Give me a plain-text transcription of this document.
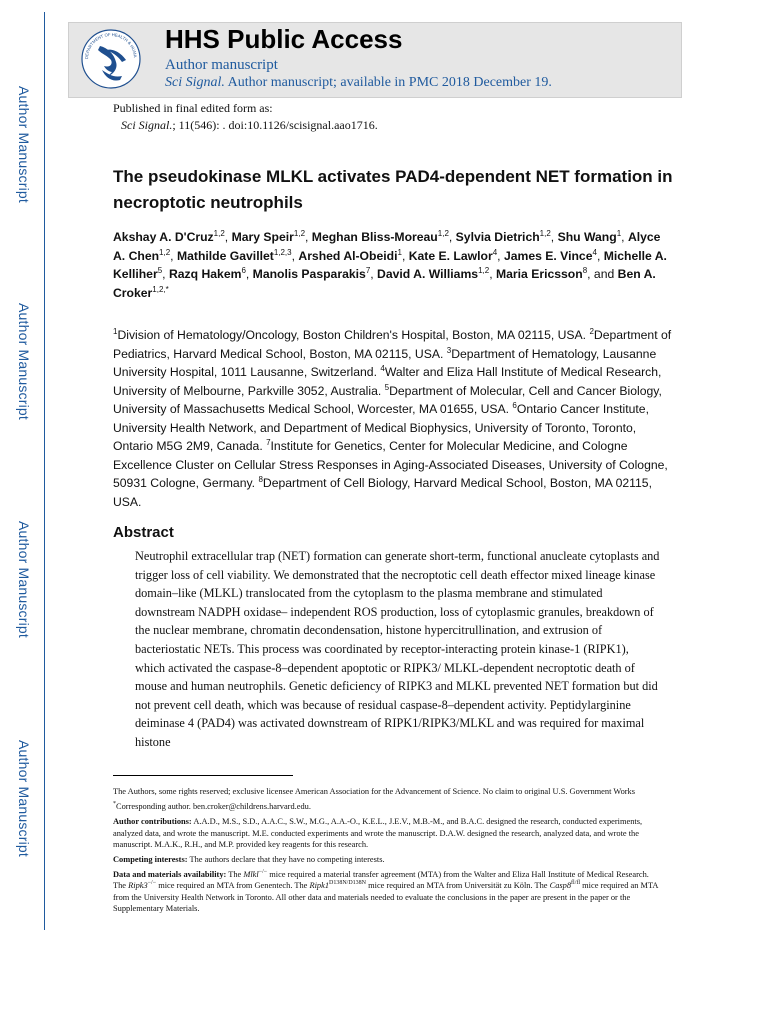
Author Manuscript
Author Manuscript
Author Manuscript
Author Manuscript
DEPARTMENT OF HEALTH & HUMA
HHS Public Access
Author manuscript
Sci Signal. Author manuscript; available in PMC 2018 December 19.
Published in final edited form as:
Sci Signal.; 11(546): . doi:10.1126/scisignal.aao1716.
The pseudokinase MLKL activates PAD4-dependent NET formation in necroptotic neutrophils
Akshay A. D'Cruz$^{1,2}$, Mary Speir$^{1,2}$, Meghan Bliss-Moreau$^{1,2}$, Sylvia Dietrich$^{1,2}$, Shu Wang$^1$, Alyce A. Chen$^{1,2}$, Mathilde Gavillet$^{1,2,3}$, Arshed Al-Obeidi$^1$, Kate E. Lawlor$^4$, James E. Vince$^4$, Michelle A. Kelliher$^5$, Razq Hakem$^6$, Manolis Pasparakis$^7$, David A. Williams$^{1,2}$, Maria Ericsson$^8$, and Ben A. Croker$^{1,2,*}$
$^1$Division of Hematology/Oncology, Boston Children's Hospital, Boston, MA 02115, USA. $^2$Department of Pediatrics, Harvard Medical School, Boston, MA 02115, USA. $^3$Department of Hematology, Lausanne University Hospital, 1011 Lausanne, Switzerland. $^4$Walter and Eliza Hall Institute of Medical Research, University of Melbourne, Parkville 3052, Australia. $^5$Department of Molecular, Cell and Cancer Biology, University of Massachusetts Medical School, Worcester, MA 01655, USA. $^6$Ontario Cancer Institute, University Health Network, and Department of Medical Biophysics, University of Toronto, Toronto, Ontario M5G 2M9, Canada. $^7$Institute for Genetics, Center for Molecular Medicine, and Cologne Excellence Cluster on Cellular Stress Responses in Aging-Associated Diseases, University of Cologne, 50931 Cologne, Germany. $^8$Department of Cell Biology, Harvard Medical School, Boston, MA 02115, USA.
Abstract
Neutrophil extracellular trap (NET) formation can generate short-term, functional anucleate cytoplasts and trigger loss of cell viability. We demonstrated that the necroptotic cell death effector mixed lineage kinase domain–like (MLKL) translocated from the cytoplasm to the plasma membrane and stimulated downstream NADPH oxidase– independent ROS production, loss of cytoplasmic granules, breakdown of the nuclear membrane, chromatin decondensation, histone hypercitrullination, and extrusion of bacteriostatic NETs. This process was coordinated by receptor-interacting protein kinase-1 (RIPK1), which activated the caspase-8–dependent apoptotic or RIPK3/ MLKL-dependent necroptotic death of mouse and human neutrophils. Genetic deficiency of RIPK3 and MLKL prevented NET formation but did not prevent cell death, which was because of residual caspase-8–dependent activity. Peptidylarginine deiminase 4 (PAD4) was activated downstream of RIPK1/RIPK3/MLKL and was required for maximal histone

The Authors, some rights reserved; exclusive licensee American Association for the Advancement of Science. No claim to original U.S. Government Works

*Corresponding author. ben.croker@childrens.harvard.edu.

Author contributions: A.A.D., M.S., S.D., A.A.C., S.W., M.G., A.A.-O., K.E.L., J.E.V., M.B.-M., and B.A.C. designed the research, conducted experiments, analyzed data, and wrote the manuscript. M.E. conducted experiments and wrote the manuscript. D.A.W. designed the research, analyzed data, and wrote the manuscript. M.A.K., R.H., and M.P. provided key reagents for this research.

Competing interests: The authors declare that they have no competing interests.

Data and materials availability: The Mlkl−/− mice required a material transfer agreement (MTA) from the Walter and Eliza Hall Institute of Medical Research. The Ripk3−/− mice required an MTA from Genentech. The $Ripk1^{D138N/D138N}$ mice required an MTA from Universität zu Köln. The $Casp8^{fl/fl}$ mice required an MTA from the University Health Network in Toronto. All other data and materials needed to evaluate the conclusions in the paper are present in the paper or the Supplementary Materials.
